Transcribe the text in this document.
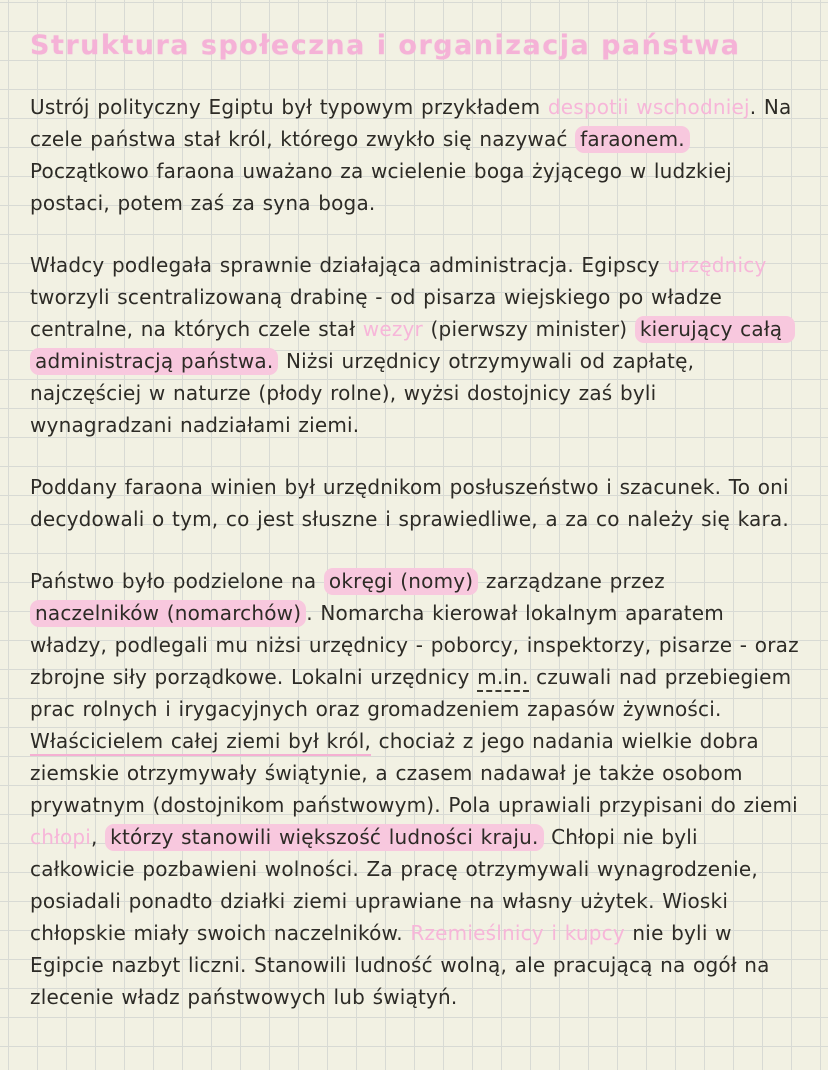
Struktura społeczna i organizacja państwa

Ustrój polityczny Egiptu był typowym przykładem despotii wschodniej. Na czele państwa stał król, którego zwykło się nazywać faraonem. Początkowo faraona uważano za wcielenie boga żyjącego w ludzkiej postaci, potem zaś za syna boga.

Władcy podlegała sprawnie działająca administracja. Egipscy urzędnicy tworzyli scentralizowaną drabinę - od pisarza wiejskiego po władze centralne, na których czele stał wezyr (pierwszy minister) kierujący całą administracją państwa. Niżsi urzędnicy otrzymywali od zapłatę, najczęściej w naturze (płody rolne), wyżsi dostojnicy zaś byli wynagradzani nadziałami ziemi.

Poddany faraona winien był urzędnikom posłuszeństwo i szacunek. To oni decydowali o tym, co jest słuszne i sprawiedliwe, a za co należy się kara.

Państwo było podzielone na okręgi (nomy) zarządzane przez naczelników (nomarchów) . Nomarcha kierował lokalnym aparatem władzy, podlegali mu niżsi urzędnicy - poborcy, inspektorzy, pisarze - oraz zbrojne siły porządkowe. Lokalni urzędnicy m.in. czuwali nad przebiegiem prac rolnych i irygacyjnych oraz gromadzeniem zapasów żywności.

Właścicielem całej ziemi był król, chociaż z jego nadania wielkie dobra ziemskie otrzymywały świątynie, a czasem nadawał je także osobom prywatnym (dostojnikom państwowym). Pola uprawiali przypisani do ziemi chłopi, którzy stanowili większość ludności kraju. Chłopi nie byli całkowicie pozbawieni wolności. Za pracę otrzymywali wynagrodzenie, posiadali ponadto działki ziemi uprawiane na własny użytek. Wioski chłopskie miały swoich naczelników. Rzemieślnicy i kupcy nie byli w Egipcie nazbyt liczni. Stanowili ludność wolną, ale pracującą na ogół na zlecenie władz państwowych lub świątyń.
